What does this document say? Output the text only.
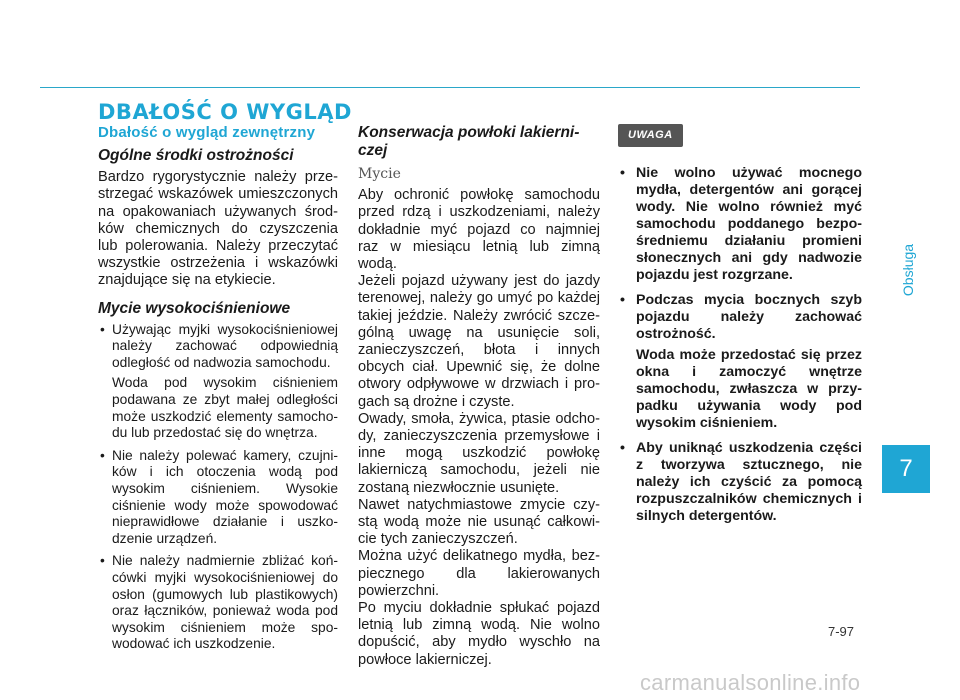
DBAŁOŚĆ O WYGLĄD
Dbałość o wygląd zewnętrzny
Ogólne środki ostrożności

Bardzo rygorystycznie należy przestrzegać wskazówek umieszczonych na opakowaniach używanych środków chemicznych do czyszczenia lub polerowania. Należy przeczytać wszystkie ostrzeżenia i wskazówki znajdujące się na etykiecie.

Mycie wysokociśnieniowe
• Używając myjki wysokociśnieniowej należy zachować odpowiednią odległość od nadwozia samochodu.

Woda pod wysokim ciśnieniem podawana ze zbyt małej odległości może uszkodzić elementy samochodu lub przedostać się do wnętrza.

• Nie należy polewać kamery, czujników i ich otoczenia wodą pod wysokim ciśnieniem. Wysokie ciśnienie wody może spowodować nieprawidłowe działanie i uszkodzenie urządzeń.
• Nie należy nadmiernie zbliżać końcówki myjki wysokociśnieniowej do osłon (gumowych lub plastikowych) oraz łączników, ponieważ woda pod wysokim ciśnieniem może spowodować ich uszkodzenie.
Konserwacja powłoki lakierniczej
Mycie

Aby ochronić powłokę samochodu przed rdzą i uszkodzeniami, należy dokładnie myć pojazd co najmniej raz w miesiącu letnią lub zimną wodą.

Jeżeli pojazd używany jest do jazdy terenowej, należy go umyć po każdej takiej jeździe. Należy zwrócić szczególną uwagę na usunięcie soli, zanieczyszczeń, błota i innych obcych ciał. Upewnić się, że dolne otwory odpływowe w drzwiach i progach są drożne i czyste.

Owady, smoła, żywica, ptasie odchody, zanieczyszczenia przemysłowe i inne mogą uszkodzić powłokę lakierniczą samochodu, jeżeli nie zostaną niezwłocznie usunięte.

Nawet natychmiastowe zmycie czystą wodą może nie usunąć całkowicie tych zanieczyszczeń.

Można użyć delikatnego mydła, bezpiecznego dla lakierowanych powierzchni.

Po myciu dokładnie spłukać pojazd letnią lub zimną wodą. Nie wolno dopuścić, aby mydło wyschło na powłoce lakierniczej.

UWAGA
• Nie wolno używać mocnego mydła, detergentów ani gorącej wody. Nie wolno również myć samochodu poddanego bezpośredniemu działaniu promieni słonecznych ani gdy nadwozie pojazdu jest rozgrzane.
• Podczas mycia bocznych szyb pojazdu należy zachować ostrożność.

Woda może przedostać się przez okna i zamoczyć wnętrze samochodu, zwłaszcza w przypadku używania wody pod wysokim ciśnieniem.

• Aby uniknąć uszkodzenia części z tworzywa sztucznego, nie należy ich czyścić za pomocą rozpuszczalników chemicznych i silnych detergentów.
Obsługa
7
7-97
carmanualsonline.info
